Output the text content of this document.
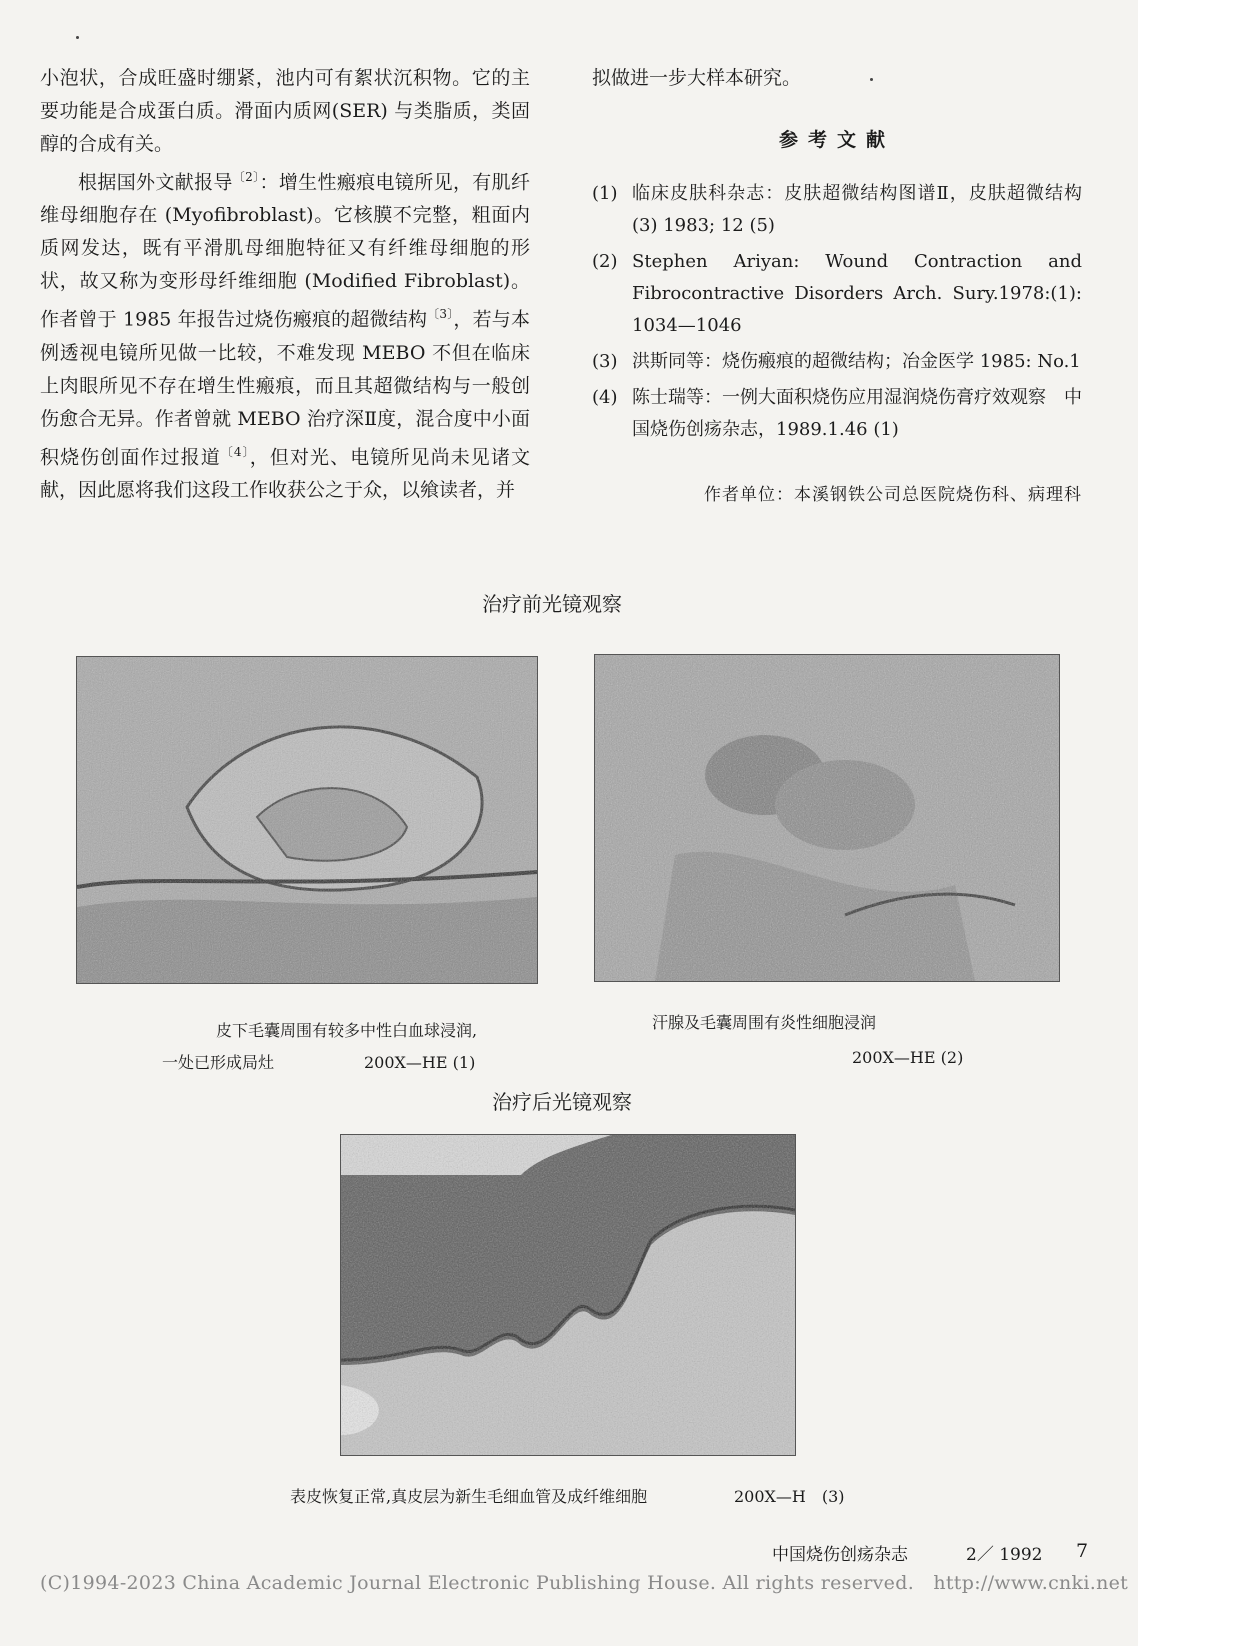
小泡状，合成旺盛时绷紧，池内可有絮状沉积物。它的主要功能是合成蛋白质。滑面内质网(SER) 与类脂质，类固醇的合成有关。

根据国外文献报导$^{〔2〕}$：增生性瘢痕电镜所见，有肌纤维母细胞存在 (Myofibroblast)。它核膜不完整，粗面内质网发达，既有平滑肌母细胞特征又有纤维母细胞的形状，故又称为变形母纤维细胞 (Modified Fibroblast)。作者曾于 1985 年报告过烧伤瘢痕的超微结构$^{〔3〕}$，若与本例透视电镜所见做一比较，不难发现 MEBO 不但在临床上肉眼所见不存在增生性瘢痕，而且其超微结构与一般创伤愈合无异。作者曾就 MEBO 治疗深Ⅱ度，混合度中小面积烧伤创面作过报道$^{〔4〕}$，但对光、电镜所见尚未见诸文献，因此愿将我们这段工作收获公之于众，以飨读者，并

拟做进一步大样本研究。

参考文献
(1) 临床皮肤科杂志：皮肤超微结构图谱Ⅱ，皮肤超微结构 (3) 1983; 12 (5)
(2) Stephen Ariyan: Wound Contraction and Fibrocontractive Disorders Arch. Sury.1978:(1): 1034—1046
(3) 洪斯同等：烧伤瘢痕的超微结构；冶金医学 1985: No.1
(4) 陈士瑞等：一例大面积烧伤应用湿润烧伤膏疗效观察　中国烧伤创疡杂志，1989.1.46 (1)
作者单位：本溪钢铁公司总医院烧伤科、病理科
治疗前光镜观察
皮下毛囊周围有较多中性白血球浸润,
一处已形成局灶	200X—HE (1)
汗腺及毛囊周围有炎性细胞浸润
200X—HE (2)
治疗后光镜观察
表皮恢复正常,真皮层为新生毛细血管及成纤维细胞	200X—H　(3)
中国烧伤创疡杂志	2／ 1992 7
(C)1994-2023 China Academic Journal Electronic Publishing House. All rights reserved.　http://www.cnki.net
